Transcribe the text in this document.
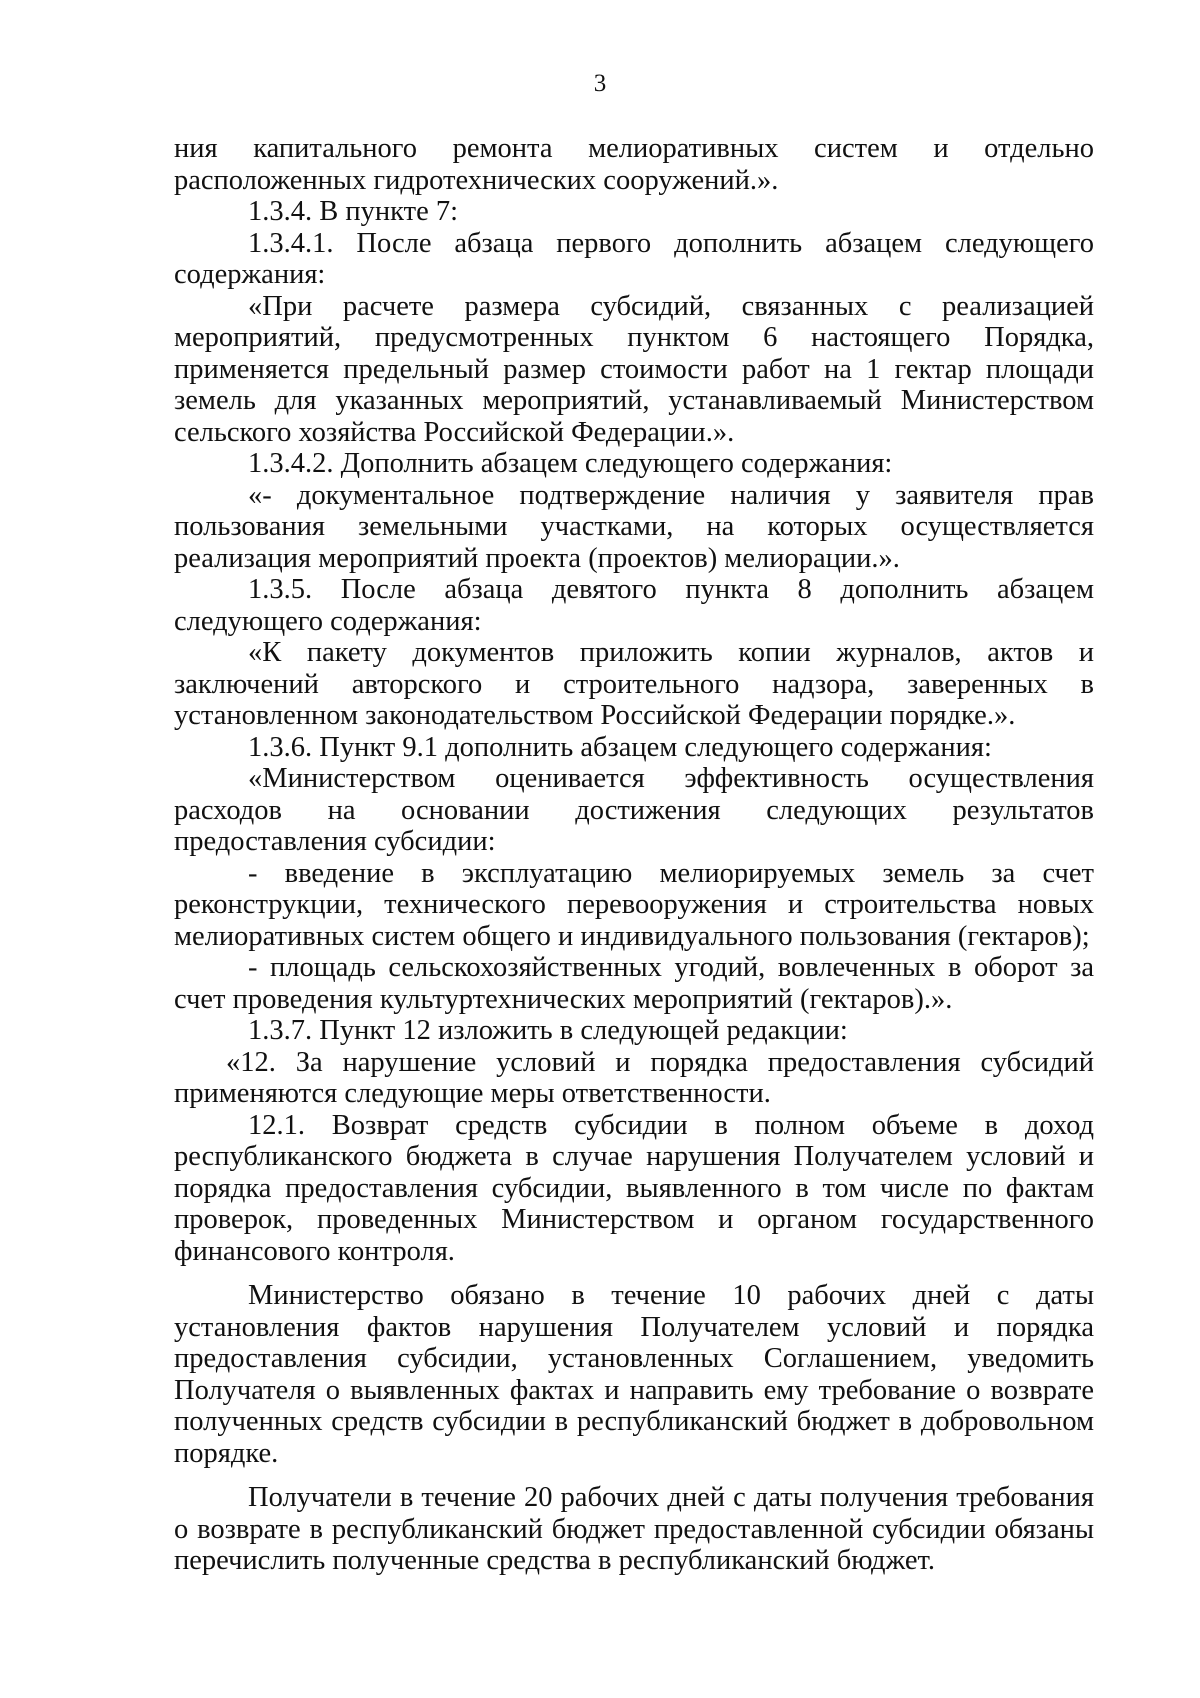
3

ния капитального ремонта мелиоративных систем и отдельно расположенных гидротехнических сооружений.».

1.3.4. В пункте 7:

1.3.4.1. После абзаца первого дополнить абзацем следующего содержания:

«При расчете размера субсидий, связанных с реализацией мероприятий, предусмотренных пунктом 6 настоящего Порядка, применяется предельный размер стоимости работ на 1 гектар площади земель для указанных мероприятий, устанавливаемый Министерством сельского хозяйства Российской Федерации.».

1.3.4.2. Дополнить абзацем следующего содержания:

«- документальное подтверждение наличия у заявителя прав пользования земельными участками, на которых осуществляется реализация мероприятий проекта (проектов) мелиорации.».

1.3.5. После абзаца девятого пункта 8 дополнить абзацем следующего содержания:

«К пакету документов приложить копии журналов, актов и заключений авторского и строительного надзора, заверенных в установленном законодательством Российской Федерации порядке.».

1.3.6. Пункт 9.1 дополнить абзацем следующего содержания:

«Министерством оценивается эффективность осуществления расходов на основании достижения следующих результатов предоставления субсидии:

- введение в эксплуатацию мелиорируемых земель за счет реконструкции, технического перевооружения и строительства новых мелиоративных систем общего и индивидуального пользования (гектаров);

- площадь сельскохозяйственных угодий, вовлеченных в оборот за счет проведения культуртехнических мероприятий (гектаров).».

1.3.7. Пункт 12 изложить в следующей редакции:

«12. За нарушение условий и порядка предоставления субсидий применяются следующие меры ответственности.

12.1. Возврат средств субсидии в полном объеме в доход республиканского бюджета в случае нарушения Получателем условий и порядка предоставления субсидии, выявленного в том числе по фактам проверок, проведенных Министерством и органом государственного финансового контроля.

Министерство обязано в течение 10 рабочих дней с даты установления фактов нарушения Получателем условий и порядка предоставления субсидии, установленных Соглашением, уведомить Получателя о выявленных фактах и направить ему требование о возврате полученных средств субсидии в республиканский бюджет в добровольном порядке.

Получатели в течение 20 рабочих дней с даты получения требования о возврате в республиканский бюджет предоставленной субсидии обязаны перечислить полученные средства в республиканский бюджет.
